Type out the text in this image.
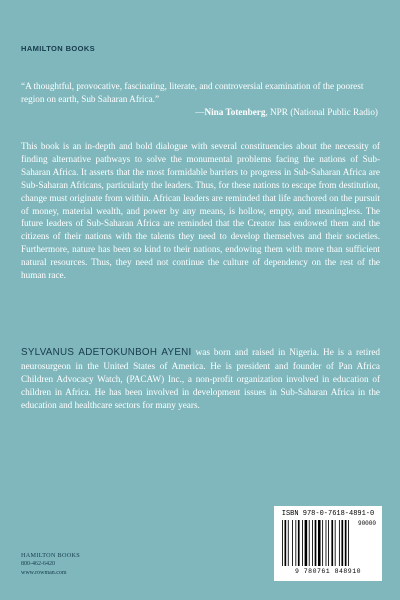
HAMILTON BOOKS
“A thoughtful, provocative, fascinating, literate, and controversial examination of the poorest region on earth, Sub Saharan Africa.”
—Nina Totenberg, NPR (National Public Radio)
This book is an in-depth and bold dialogue with several constituencies about the necessity of finding alternative pathways to solve the monumental problems facing the nations of Sub-Saharan Africa. It asserts that the most formidable barriers to progress in Sub-Saharan Africa are Sub-Saharan Africans, particularly the leaders. Thus, for these nations to escape from destitution, change must originate from within. African leaders are reminded that life anchored on the pursuit of money, material wealth, and power by any means, is hollow, empty, and meaningless. The future leaders of Sub-Saharan Africa are reminded that the Creator has endowed them and the citizens of their nations with the talents they need to develop themselves and their societies. Furthermore, nature has been so kind to their nations, endowing them with more than sufficient natural resources. Thus, they need not continue the culture of dependency on the rest of the human race.
SYLVANUS ADETOKUNBOH AYENI was born and raised in Nigeria. He is a retired neurosurgeon in the United States of America. He is president and founder of Pan Africa Children Advocacy Watch, (PACAW) Inc., a non-profit organization involved in education of children in Africa. He has been involved in development issues in Sub-Saharan Africa in the education and healthcare sectors for many years.
HAMILTON BOOKS
800-462-6420
www.rowman.com
ISBN 978-0-7618-4891-0
90000
9 780761 848910
